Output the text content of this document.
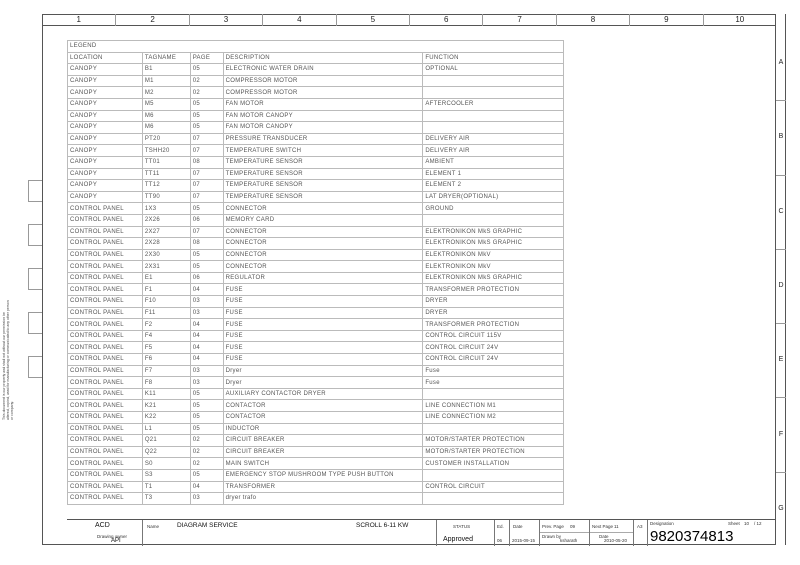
1	2	3	4	5	6	7	8	9	10
A
B
C
D
E
F
G
This document is our property and shall not without our permission be altered, copied, used for manufacturing or communicated to any other person or company.
LEGEND				
LOCATION	TAGNAME	PAGE	DESCRIPTION	FUNCTION
CANOPY	B1	05	ELECTRONIC WATER DRAIN	OPTIONAL
CANOPY	M1	02	COMPRESSOR MOTOR	
CANOPY	M2	02	COMPRESSOR MOTOR	
CANOPY	M5	05	FAN MOTOR	AFTERCOOLER
CANOPY	M6	05	FAN MOTOR CANOPY	
CANOPY	M6	05	FAN MOTOR CANOPY	
CANOPY	PT20	07	PRESSURE TRANSDUCER	DELIVERY AIR
CANOPY	TSHH20	07	TEMPERATURE SWITCH	DELIVERY AIR
CANOPY	TT01	08	TEMPERATURE SENSOR	AMBIENT
CANOPY	TT11	07	TEMPERATURE SENSOR	ELEMENT 1
CANOPY	TT12	07	TEMPERATURE SENSOR	ELEMENT 2
CANOPY	TT90	07	TEMPERATURE SENSOR	LAT DRYER(OPTIONAL)
CONTROL PANEL	1X3	05	CONNECTOR	GROUND
CONTROL PANEL	2X26	06	MEMORY CARD	
CONTROL PANEL	2X27	07	CONNECTOR	ELEKTRONIKON MkS GRAPHIC
CONTROL PANEL	2X28	08	CONNECTOR	ELEKTRONIKON MkS GRAPHIC
CONTROL PANEL	2X30	05	CONNECTOR	ELEKTRONIKON MkV
CONTROL PANEL	2X31	05	CONNECTOR	ELEKTRONIKON MkV
CONTROL PANEL	E1	06	REGULATOR	ELEKTRONIKON MkS GRAPHIC
CONTROL PANEL	F1	04	FUSE	TRANSFORMER PROTECTION
CONTROL PANEL	F10	03	FUSE	DRYER
CONTROL PANEL	F11	03	FUSE	DRYER
CONTROL PANEL	F2	04	FUSE	TRANSFORMER PROTECTION
CONTROL PANEL	F4	04	FUSE	CONTROL CIRCUIT 115V
CONTROL PANEL	F5	04	FUSE	CONTROL CIRCUIT 24V
CONTROL PANEL	F6	04	FUSE	CONTROL CIRCUIT 24V
CONTROL PANEL	F7	03	Dryer	Fuse
CONTROL PANEL	F8	03	Dryer	Fuse
CONTROL PANEL	K11	05	AUXILIARY CONTACTOR DRYER	
CONTROL PANEL	K21	05	CONTACTOR	LINE CONNECTION M1
CONTROL PANEL	K22	05	CONTACTOR	LINE CONNECTION M2
CONTROL PANEL	L1	05	INDUCTOR	
CONTROL PANEL	Q21	02	CIRCUIT BREAKER	MOTOR/STARTER PROTECTION
CONTROL PANEL	Q22	02	CIRCUIT BREAKER	MOTOR/STARTER PROTECTION
CONTROL PANEL	S0	02	MAIN SWITCH	CUSTOMER INSTALLATION
CONTROL PANEL	S3	05	EMERGENCY STOP MUSHROOM TYPE PUSH BUTTON	
CONTROL PANEL	T1	04	TRANSFORMER	CONTROL CIRCUIT
CONTROL PANEL	T3	03	dryer trafo	
ACD
Drawing owner
API
Name	DIAGRAM SERVICE	SCROLL 6-11 KW	STATUS
Approved
Ed.
06
Date
2015-09-15
Prev. Page 09
Drawn by
ksharath
Next Page 11
Date
2010-05-20
A3
Designation	Sheet 10 / 12
9820374813
